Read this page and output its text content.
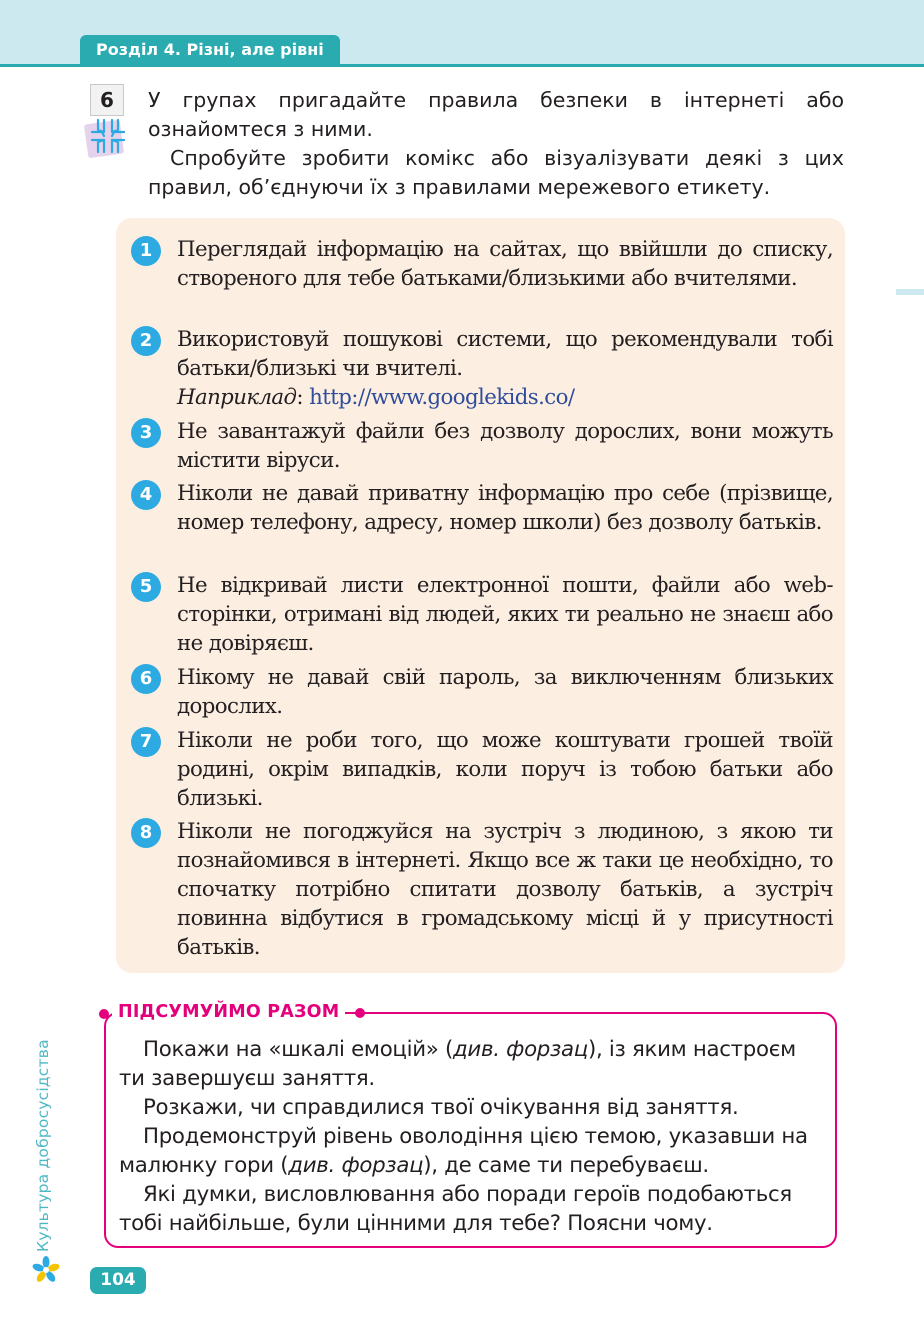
Розділ 4. Різні, але рівні
6	У групах пригадайте правила безпеки в інтернеті або ознайомтеся з ними.

Спробуйте зробити комікс або візуалізувати деякі з цих правил, об’єднуючи їх з правилами мережевого етикету.

1	Переглядай інформацію на сайтах, що ввійшли до списку, створеного для тебе батьками/близькими або вчителями.
2	Використовуй пошукові системи, що рекомендували тобі батьки/близькі чи вчителі.
Наприклад: http://www.googlekids.co/
3	Не завантажуй файли без дозволу дорослих, вони можуть містити віруси.
4	Ніколи не давай приватну інформацію про себе (прізвище, номер телефону, адресу, номер школи) без дозволу батьків.
5	Не відкривай листи електронної пошти, файли або web-сторінки, отримані від людей, яких ти реально не знаєш або не довіряєш.
6	Нікому не давай свій пароль, за виключенням близьких дорослих.
7	Ніколи не роби того, що може коштувати грошей твоїй родині, окрім випадків, коли поруч із тобою батьки або близькі.
8	Ніколи не погоджуйся на зустріч з людиною, з якою ти познайомився в інтернеті. Якщо все ж таки це необхідно, то спочатку потрібно спитати дозволу батьків, а зустріч повинна відбутися в громадському місці й у присутності батьків.
ПІДСУМУЙМО РАЗОМ

Покажи на «шкалі емоцій» (див. форзац), із яким настроєм ти завершуєш заняття.

Розкажи, чи справдилися твої очікування від заняття.

Продемонструй рівень оволодіння цією темою, указавши на малюнку гори (див. форзац), де саме ти перебуваєш.

Які думки, висловлювання або поради героїв подобаються тобі найбільше, були цінними для тебе? Поясни чому.

Культура добросусідства
104
